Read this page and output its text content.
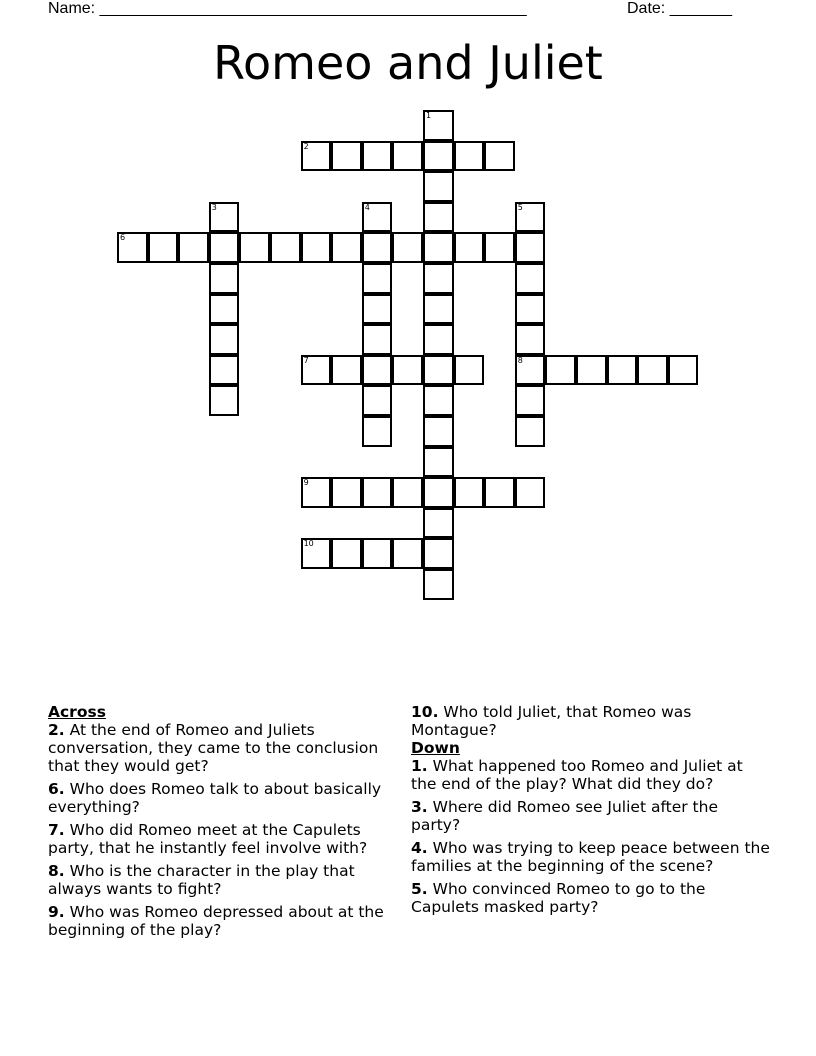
Name: ________________________________________________	Date: _______
Romeo and Juliet
1
2
3	4	5
8
6
7
9
10
Across
2. At the end of Romeo and Juliets conversation, they came to the conclusion that they would get?
6. Who does Romeo talk to about basically everything?
7. Who did Romeo meet at the Capulets party, that he instantly feel involve with?
8. Who is the character in the play that always wants to fight?
9. Who was Romeo depressed about at the beginning of the play?
10. Who told Juliet, that Romeo was Montague?
Down
1. What happened too Romeo and Juliet at the end of the play? What did they do?
3. Where did Romeo see Juliet after the party?
4. Who was trying to keep peace between the families at the beginning of the scene?
5. Who convinced Romeo to go to the Capulets masked party?
